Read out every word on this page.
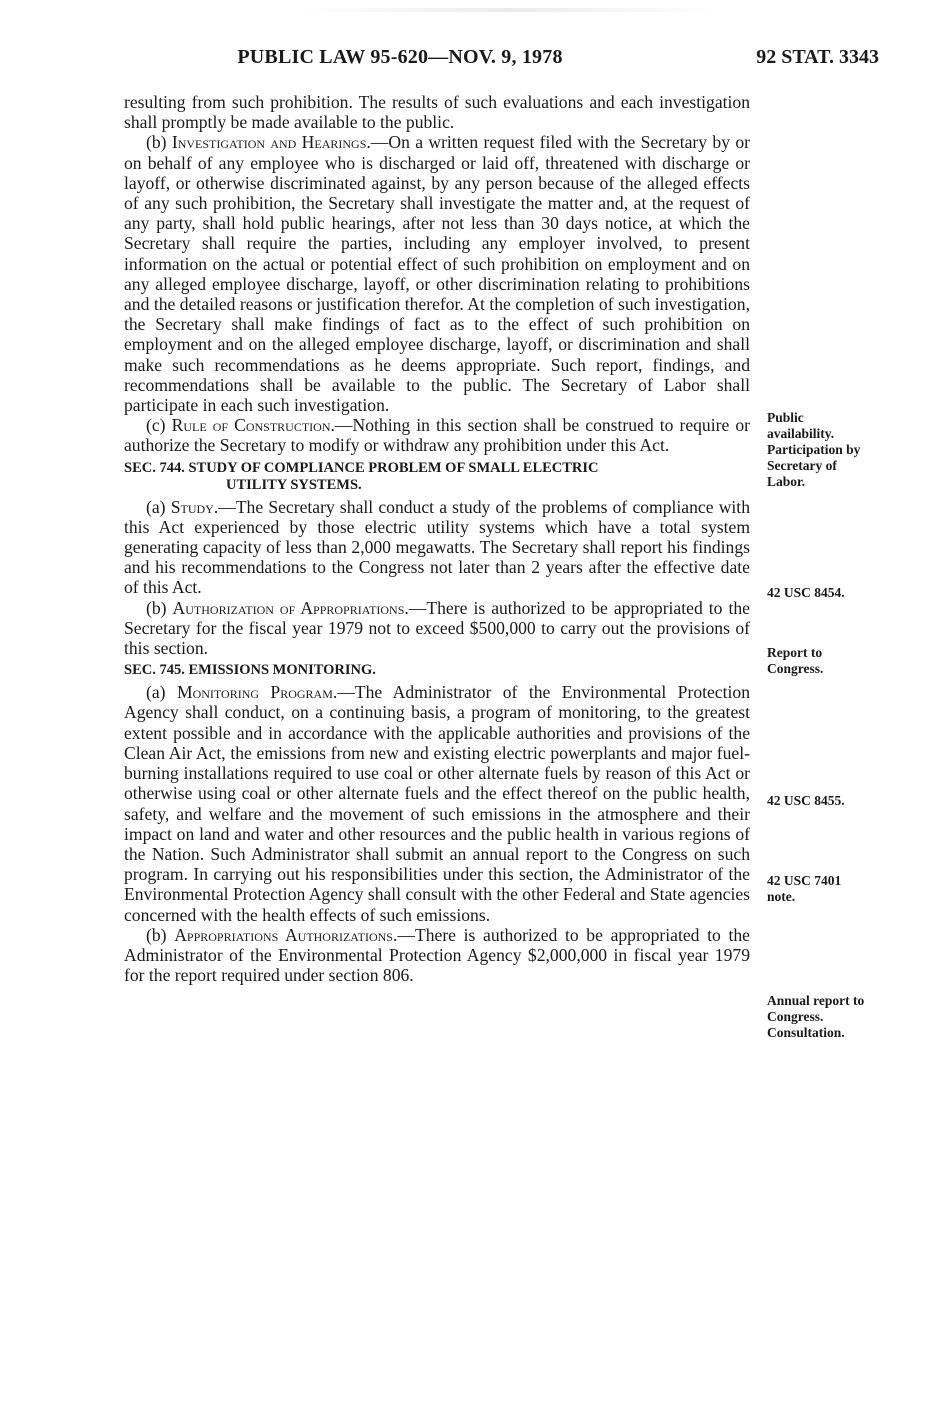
PUBLIC LAW 95-620—NOV. 9, 1978	92 STAT. 3343

resulting from such prohibition. The results of such evaluations and each investigation shall promptly be made available to the public.

(b) Investigation and Hearings.—On a written request filed with the Secretary by or on behalf of any employee who is discharged or laid off, threatened with discharge or layoff, or otherwise discriminated against, by any person because of the alleged effects of any such prohibition, the Secretary shall investigate the matter and, at the request of any party, shall hold public hearings, after not less than 30 days notice, at which the Secretary shall require the parties, including any employer involved, to present information on the actual or potential effect of such prohibition on employment and on any alleged employee discharge, layoff, or other discrimination relating to prohibitions and the detailed reasons or justification therefor. At the completion of such investigation, the Secretary shall make findings of fact as to the effect of such prohibition on employment and on the alleged employee discharge, layoff, or discrimination and shall make such recommendations as he deems appropriate. Such report, findings, and recommendations shall be available to the public. The Secretary of Labor shall participate in each such investigation.

(c) Rule of Construction.—Nothing in this section shall be construed to require or authorize the Secretary to modify or withdraw any prohibition under this Act.

SEC. 744. STUDY OF COMPLIANCE PROBLEM OF SMALL ELECTRIC
UTILITY SYSTEMS.

(a) Study.—The Secretary shall conduct a study of the problems of compliance with this Act experienced by those electric utility systems which have a total system generating capacity of less than 2,000 megawatts. The Secretary shall report his findings and his recommendations to the Congress not later than 2 years after the effective date of this Act.

(b) Authorization of Appropriations.—There is authorized to be appropriated to the Secretary for the fiscal year 1979 not to exceed $500,000 to carry out the provisions of this section.

SEC. 745. EMISSIONS MONITORING.

(a) Monitoring Program.—The Administrator of the Environmental Protection Agency shall conduct, on a continuing basis, a program of monitoring, to the greatest extent possible and in accordance with the applicable authorities and provisions of the Clean Air Act, the emissions from new and existing electric powerplants and major fuel-burning installations required to use coal or other alternate fuels by reason of this Act or otherwise using coal or other alternate fuels and the effect thereof on the public health, safety, and welfare and the movement of such emissions in the atmosphere and their impact on land and water and other resources and the public health in various regions of the Nation. Such Administrator shall submit an annual report to the Congress on such program. In carrying out his responsibilities under this section, the Administrator of the Environmental Protection Agency shall consult with the other Federal and State agencies concerned with the health effects of such emissions.

(b) Appropriations Authorizations.—There is authorized to be appropriated to the Administrator of the Environmental Protection Agency $2,000,000 in fiscal year 1979 for the report required under section 806.

Public
availability.
Participation by
Secretary of
Labor.
42 USC 8454.
Report to
Congress.
42 USC 8455.
42 USC 7401
note.
Annual report to
Congress.
Consultation.
